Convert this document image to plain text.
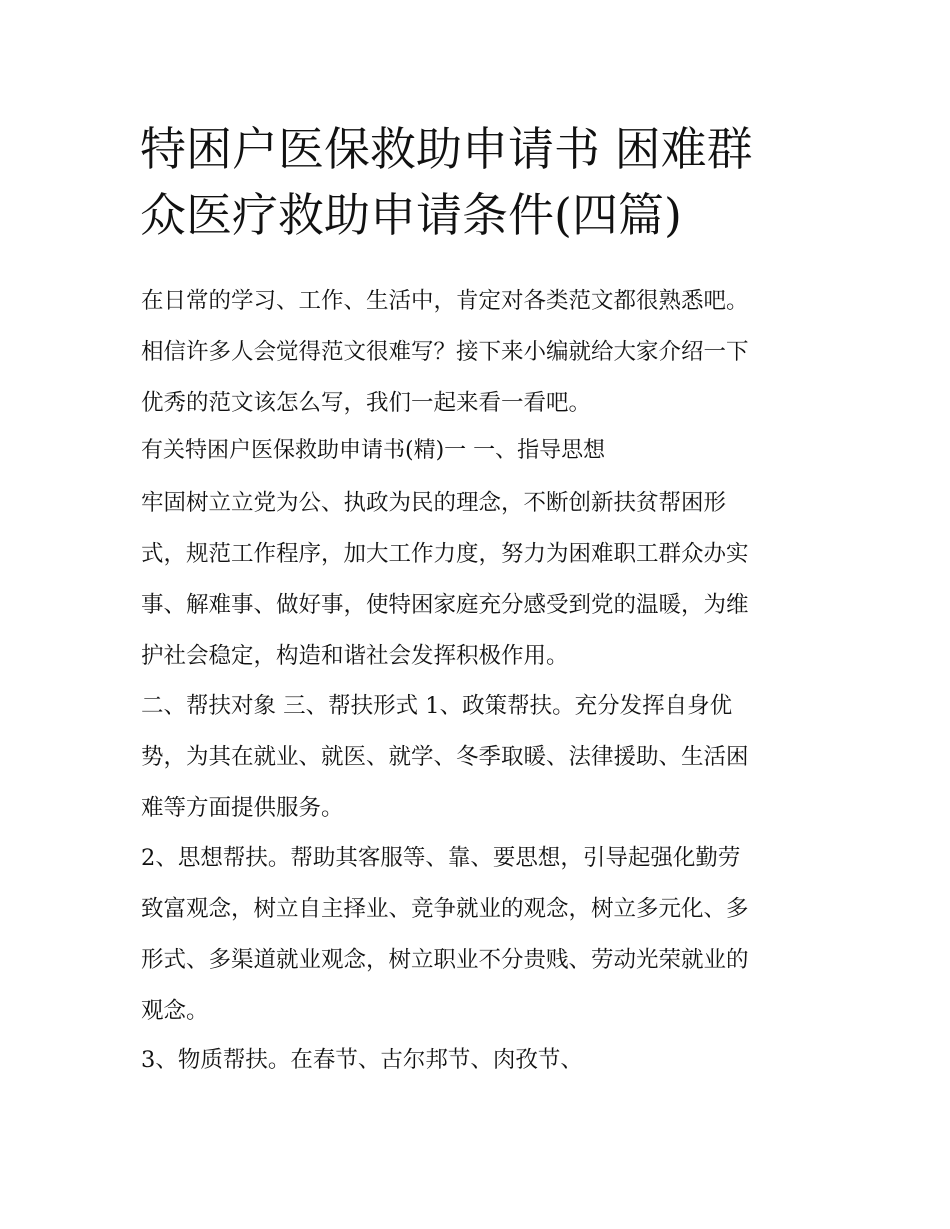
特困户医保救助申请书 困难群
众医疗救助申请条件(四篇)

在日常的学习、工作、生活中，肯定对各类范文都很熟悉吧。
相信许多人会觉得范文很难写？接下来小编就给大家介绍一下
优秀的范文该怎么写，我们一起来看一看吧。

有关特困户医保救助申请书(精)一 一、指导思想

牢固树立立党为公、执政为民的理念，不断创新扶贫帮困形
式，规范工作程序，加大工作力度，努力为困难职工群众办实
事、解难事、做好事，使特困家庭充分感受到党的温暖，为维
护社会稳定，构造和谐社会发挥积极作用。

二、帮扶对象 三、帮扶形式 1、政策帮扶。充分发挥自身优
势，为其在就业、就医、就学、冬季取暖、法律援助、生活困
难等方面提供服务。

2、思想帮扶。帮助其客服等、靠、要思想，引导起强化勤劳
致富观念，树立自主择业、竞争就业的观念，树立多元化、多
形式、多渠道就业观念，树立职业不分贵贱、劳动光荣就业的
观念。

3、物质帮扶。在春节、古尔邦节、肉孜节、
